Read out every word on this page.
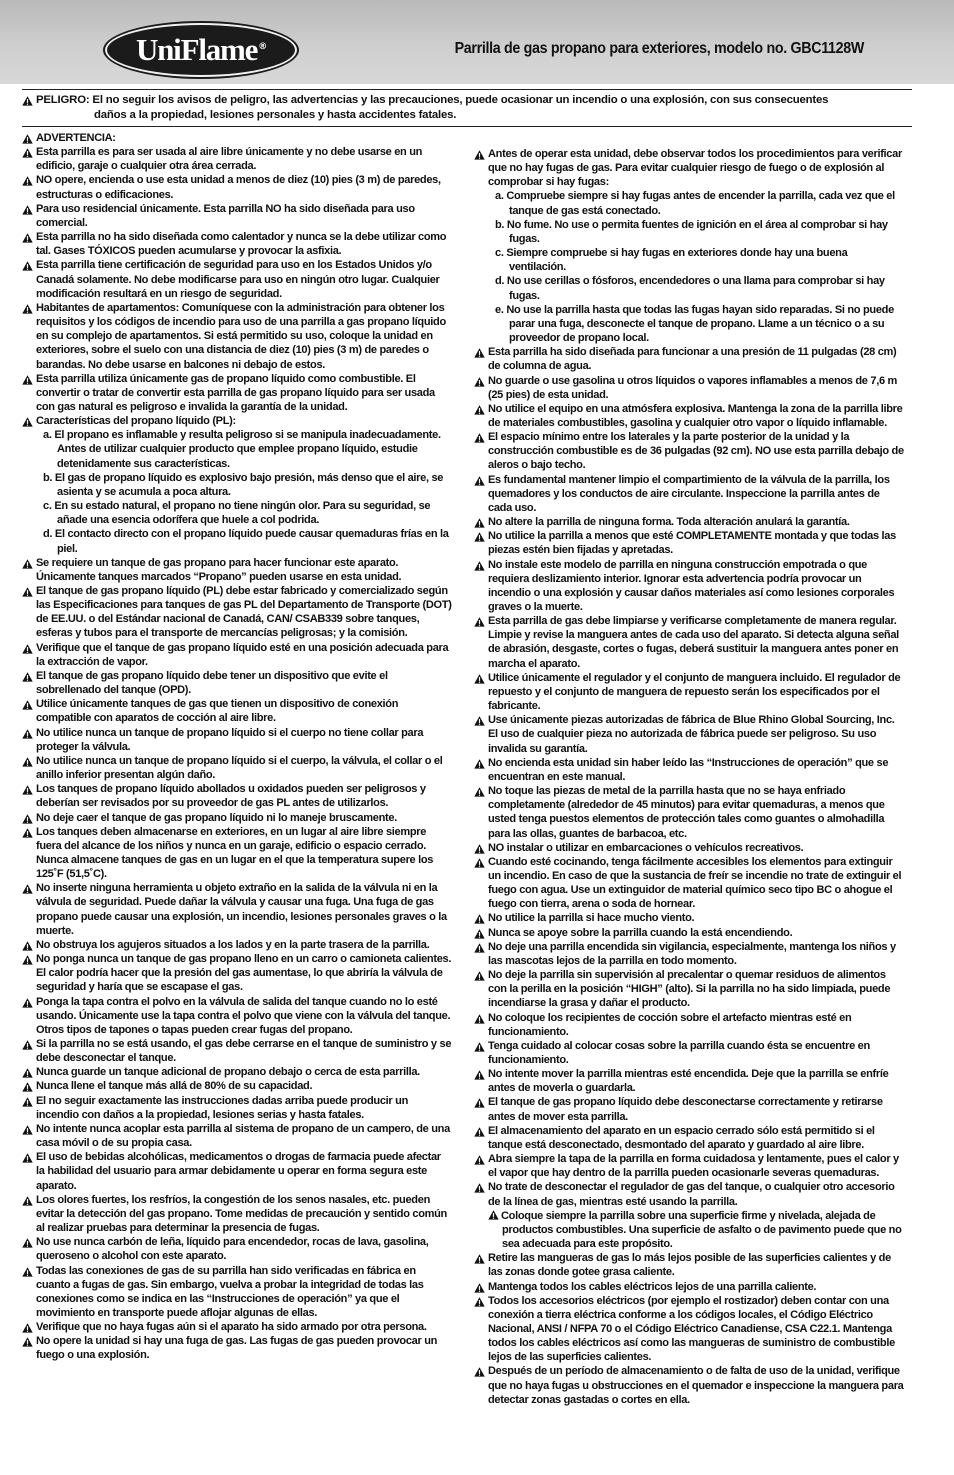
UniFlame®	Parrilla de gas propano para exteriores, modelo no. GBC1128W
PELIGRO: El no seguir los avisos de peligro, las advertencias y las precauciones, puede ocasionar un incendio o una explosión, con sus consecuentes
daños a la propiedad, lesiones personales y hasta accidentes fatales.
ADVERTENCIA:
Esta parrilla es para ser usada al aire libre únicamente y no debe usarse en un edificio, garaje o cualquier otra área cerrada.
NO opere, encienda o use esta unidad a menos de diez (10) pies (3 m) de paredes, estructuras o edificaciones.
Para uso residencial únicamente. Esta parrilla NO ha sido diseñada para uso comercial.
Esta parrilla no ha sido diseñada como calentador y nunca se la debe utilizar como tal. Gases TÓXICOS pueden acumularse y provocar la asfixia.
Esta parrilla tiene certificación de seguridad para uso en los Estados Unidos y/o Canadá solamente. No debe modificarse para uso en ningún otro lugar. Cualquier modificación resultará en un riesgo de seguridad.
Habitantes de apartamentos: Comuníquese con la administración para obtener los requisitos y los códigos de incendio para uso de una parrilla a gas propano líquido en su complejo de apartamentos. Si está permitido su uso, coloque la unidad en exteriores, sobre el suelo con una distancia de diez (10) pies (3 m) de paredes o barandas. No debe usarse en balcones ni debajo de estos.
Esta parrilla utiliza únicamente gas de propano líquido como combustible. El convertir o tratar de convertir esta parrilla de gas propano líquido para ser usada con gas natural es peligroso e invalida la garantía de la unidad.
Características del propano líquido (PL):
a. El propano es inflamable y resulta peligroso si se manipula inadecuadamente. Antes de utilizar cualquier producto que emplee propano líquido, estudie detenidamente sus características.
b. El gas de propano líquido es explosivo bajo presión, más denso que el aire, se asienta y se acumula a poca altura.
c. En su estado natural, el propano no tiene ningún olor. Para su seguridad, se añade una esencia odorífera que huele a col podrida.
d. El contacto directo con el propano líquido puede causar quemaduras frías en la piel.
Se requiere un tanque de gas propano para hacer funcionar este aparato. Únicamente tanques marcados “Propano” pueden usarse en esta unidad.
El tanque de gas propano líquido (PL) debe estar fabricado y comercializado según las Especificaciones para tanques de gas PL del Departamento de Transporte (DOT) de EE.UU. o del Estándar nacional de Canadá, CAN/ CSAB339 sobre tanques, esferas y tubos para el transporte de mercancías peligrosas; y la comisión.
Verifique que el tanque de gas propano líquido esté en una posición adecuada para la extracción de vapor.
El tanque de gas propano líquido debe tener un dispositivo que evite el sobrellenado del tanque (OPD).
Utilice únicamente tanques de gas que tienen un dispositivo de conexión compatible con aparatos de cocción al aire libre.
No utilice nunca un tanque de propano líquido si el cuerpo no tiene collar para proteger la válvula.
No utilice nunca un tanque de propano líquido si el cuerpo, la válvula, el collar o el anillo inferior presentan algún daño.
Los tanques de propano líquido abollados u oxidados pueden ser peligrosos y deberían ser revisados por su proveedor de gas PL antes de utilizarlos.
No deje caer el tanque de gas propano líquido ni lo maneje bruscamente.
Los tanques deben almacenarse en exteriores, en un lugar al aire libre siempre fuera del alcance de los niños y nunca en un garaje, edificio o espacio cerrado. Nunca almacene tanques de gas en un lugar en el que la temperatura supere los 125˚F (51,5˚C).
No inserte ninguna herramienta u objeto extraño en la salida de la válvula ni en la válvula de seguridad. Puede dañar la válvula y causar una fuga. Una fuga de gas propano puede causar una explosión, un incendio, lesiones personales graves o la muerte.
No obstruya los agujeros situados a los lados y en la parte trasera de la parrilla.
No ponga nunca un tanque de gas propano lleno en un carro o camioneta calientes. El calor podría hacer que la presión del gas aumentase, lo que abriría la válvula de seguridad y haría que se escapase el gas.
Ponga la tapa contra el polvo en la válvula de salida del tanque cuando no lo esté usando. Únicamente use la tapa contra el polvo que viene con la válvula del tanque. Otros tipos de tapones o tapas pueden crear fugas del propano.
Si la parrilla no se está usando, el gas debe cerrarse en el tanque de suministro y se debe desconectar el tanque.
Nunca guarde un tanque adicional de propano debajo o cerca de esta parrilla.
Nunca llene el tanque más allá de 80% de su capacidad.
El no seguir exactamente las instrucciones dadas arriba puede producir un incendio con daños a la propiedad, lesiones serias y hasta fatales.
No intente nunca acoplar esta parrilla al sistema de propano de un campero, de una casa móvil o de su propia casa.
El uso de bebidas alcohólicas, medicamentos o drogas de farmacia puede afectar la habilidad del usuario para armar debidamente u operar en forma segura este aparato.
Los olores fuertes, los resfríos, la congestión de los senos nasales, etc. pueden evitar la detección del gas propano. Tome medidas de precaución y sentido común al realizar pruebas para determinar la presencia de fugas.
No use nunca carbón de leña, líquido para encendedor, rocas de lava, gasolina, queroseno o alcohol con este aparato.
Todas las conexiones de gas de su parrilla han sido verificadas en fábrica en cuanto a fugas de gas. Sin embargo, vuelva a probar la integridad de todas las conexiones como se indica en las “Instrucciones de operación” ya que el movimiento en transporte puede aflojar algunas de ellas.
Verifique que no haya fugas aún si el aparato ha sido armado por otra persona.
No opere la unidad si hay una fuga de gas. Las fugas de gas pueden provocar un fuego o una explosión.
Antes de operar esta unidad, debe observar todos los procedimientos para verificar que no hay fugas de gas. Para evitar cualquier riesgo de fuego o de explosión al comprobar si hay fugas:
a. Compruebe siempre si hay fugas antes de encender la parrilla, cada vez que el tanque de gas está conectado.
b. No fume. No use o permita fuentes de ignición en el área al comprobar si hay fugas.
c. Siempre compruebe si hay fugas en exteriores donde hay una buena ventilación.
d. No use cerillas o fósforos, encendedores o una llama para comprobar si hay fugas.
e. No use la parrilla hasta que todas las fugas hayan sido reparadas. Si no puede parar una fuga, desconecte el tanque de propano. Llame a un técnico o a su proveedor de propano local.
Esta parrilla ha sido diseñada para funcionar a una presión de 11 pulgadas (28 cm) de columna de agua.
No guarde o use gasolina u otros líquidos o vapores inflamables a menos de 7,6 m (25 pies) de esta unidad.
No utilice el equipo en una atmósfera explosiva. Mantenga la zona de la parrilla libre de materiales combustibles, gasolina y cualquier otro vapor o líquido inflamable.
El espacio mínimo entre los laterales y la parte posterior de la unidad y la construcción combustible es de 36 pulgadas (92 cm). NO use esta parrilla debajo de aleros o bajo techo.
Es fundamental mantener limpio el compartimiento de la válvula de la parrilla, los quemadores y los conductos de aire circulante. Inspeccione la parrilla antes de cada uso.
No altere la parrilla de ninguna forma. Toda alteración anulará la garantía.
No utilice la parrilla a menos que esté COMPLETAMENTE montada y que todas las piezas estén bien fijadas y apretadas.
No instale este modelo de parrilla en ninguna construcción empotrada o que requiera deslizamiento interior. Ignorar esta advertencia podría provocar un incendio o una explosión y causar daños materiales así como lesiones corporales graves o la muerte.
Esta parrilla de gas debe limpiarse y verificarse completamente de manera regular. Limpie y revise la manguera antes de cada uso del aparato. Si detecta alguna señal de abrasión, desgaste, cortes o fugas, deberá sustituir la manguera antes poner en marcha el aparato.
Utilice únicamente el regulador y el conjunto de manguera incluido. El regulador de repuesto y el conjunto de manguera de repuesto serán los especificados por el fabricante.
Use únicamente piezas autorizadas de fábrica de Blue Rhino Global Sourcing, Inc. El uso de cualquier pieza no autorizada de fábrica puede ser peligroso. Su uso invalida su garantía.
No encienda esta unidad sin haber leído las “Instrucciones de operación” que se encuentran en este manual.
No toque las piezas de metal de la parrilla hasta que no se haya enfriado completamente (alrededor de 45 minutos) para evitar quemaduras, a menos que usted tenga puestos elementos de protección tales como guantes o almohadilla para las ollas, guantes de barbacoa, etc.
NO instalar o utilizar en embarcaciones o vehículos recreativos.
Cuando esté cocinando, tenga fácilmente accesibles los elementos para extinguir un incendio. En caso de que la sustancia de freír se incendie no trate de extinguir el fuego con agua. Use un extinguidor de material químico seco tipo BC o ahogue el fuego con tierra, arena o soda de hornear.
No utilice la parrilla si hace mucho viento.
Nunca se apoye sobre la parrilla cuando la está encendiendo.
No deje una parrilla encendida sin vigilancia, especialmente, mantenga los niños y las mascotas lejos de la parrilla en todo momento.
No deje la parrilla sin supervisión al precalentar o quemar residuos de alimentos con la perilla en la posición “HIGH” (alto). Si la parrilla no ha sido limpiada, puede incendiarse la grasa y dañar el producto.
No coloque los recipientes de cocción sobre el artefacto mientras esté en funcionamiento.
Tenga cuidado al colocar cosas sobre la parrilla cuando ésta se encuentre en funcionamiento.
No intente mover la parrilla mientras esté encendida. Deje que la parrilla se enfríe antes de moverla o guardarla.
El tanque de gas propano líquido debe desconectarse correctamente y retirarse antes de mover esta parrilla.
El almacenamiento del aparato en un espacio cerrado sólo está permitido si el tanque está desconectado, desmontado del aparato y guardado al aire libre.
Abra siempre la tapa de la parrilla en forma cuidadosa y lentamente, pues el calor y el vapor que hay dentro de la parrilla pueden ocasionarle severas quemaduras.
No trate de desconectar el regulador de gas del tanque, o cualquier otro accesorio de la línea de gas, mientras esté usando la parrilla.
Coloque siempre la parrilla sobre una superficie firme y nivelada, alejada de productos combustibles. Una superficie de asfalto o de pavimento puede que no sea adecuada para este propósito.
Retire las mangueras de gas lo más lejos posible de las superficies calientes y de las zonas donde gotee grasa caliente.
Mantenga todos los cables eléctricos lejos de una parrilla caliente.
Todos los accesorios eléctricos (por ejemplo el rostizador) deben contar con una conexión a tierra eléctrica conforme a los códigos locales, el Código Eléctrico Nacional, ANSI / NFPA 70 o el Código Eléctrico Canadiense, CSA C22.1. Mantenga todos los cables eléctricos así como las mangueras de suministro de combustible lejos de las superficies calientes.
Después de un período de almacenamiento o de falta de uso de la unidad, verifique que no haya fugas u obstrucciones en el quemador e inspeccione la manguera para detectar zonas gastadas o cortes en ella.
